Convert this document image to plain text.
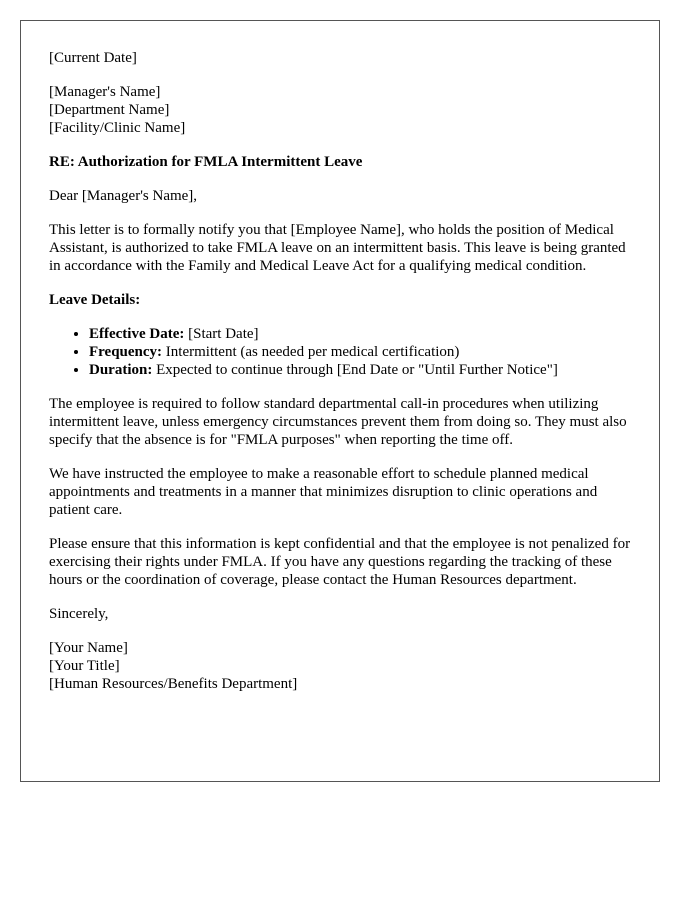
[Current Date]
[Manager's Name]
[Department Name]
[Facility/Clinic Name]
RE: Authorization for FMLA Intermittent Leave

Dear [Manager's Name],

This letter is to formally notify you that [Employee Name], who holds the position of Medical Assistant, is authorized to take FMLA leave on an intermittent basis. This leave is being granted in accordance with the Family and Medical Leave Act for a qualifying medical condition.

Leave Details:
• Effective Date: [Start Date]
• Frequency: Intermittent (as needed per medical certification)
• Duration: Expected to continue through [End Date or "Until Further Notice"]

The employee is required to follow standard departmental call-in procedures when utilizing intermittent leave, unless emergency circumstances prevent them from doing so. They must also specify that the absence is for "FMLA purposes" when reporting the time off.

We have instructed the employee to make a reasonable effort to schedule planned medical appointments and treatments in a manner that minimizes disruption to clinic operations and patient care.

Please ensure that this information is kept confidential and that the employee is not penalized for exercising their rights under FMLA. If you have any questions regarding the tracking of these hours or the coordination of coverage, please contact the Human Resources department.

Sincerely,

[Your Name]
[Your Title]
[Human Resources/Benefits Department]
